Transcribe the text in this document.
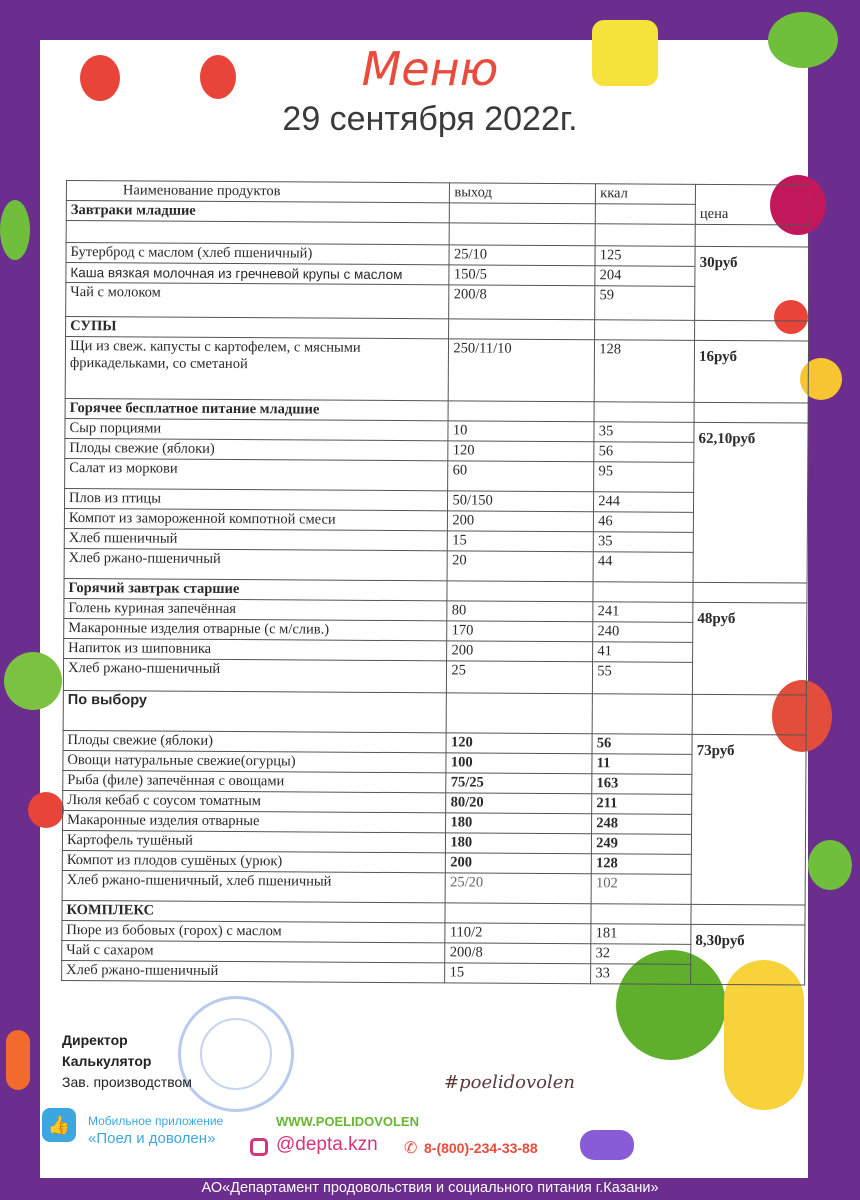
Меню
29 сентября 2022г.
Наименование продуктов	выход	ккал	цена
Завтраки младшие			

Бутерброд с маслом (хлеб пшеничный)	25/10	125	30руб
Каша вязкая молочная из гречневой крупы с маслом	150/5	204	
Чай с молоком	200/8	59	
СУПЫ			
Щи из свеж. капусты с картофелем, с мясными фрикадельками, со сметаной	250/11/10	128	16руб
Горячее бесплатное питание младшие			
Сыр порциями	10	35	62,10руб
Плоды свежие (яблоки)	120	56	
Салат из моркови	60	95	
Плов из птицы	50/150	244	
Компот из замороженной компотной смеси	200	46	
Хлеб пшеничный	15	35	
Хлеб ржано-пшеничный	20	44	
Горячий завтрак старшие			
Голень куриная запечённая	80	241	48руб
Макаронные изделия отварные (с м/слив.)	170	240	
Напиток из шиповника	200	41	
Хлеб ржано-пшеничный	25	55	
По выбору			
Плоды свежие (яблоки)	120	56	73руб
Овощи натуральные свежие(огурцы)	100	11	
Рыба (филе) запечённая с овощами	75/25	163	
Люля кебаб с соусом томатным	80/20	211	
Макаронные изделия отварные	180	248	
Картофель тушёный	180	249	
Компот из плодов сушёных (урюк)	200	128	
Хлеб ржано-пшеничный, хлеб пшеничный	25/20	102	
КОМПЛЕКС			
Пюре из бобовых (горох) с маслом	110/2	181	8,30руб
Чай с сахаром	200/8	32	
Хлеб ржано-пшеничный	15	33	
Директор
Калькулятор
Зав. производством	#poelidovolen
👍	Мобильное приложение
«Поел и доволен»
WWW.POELIDOVOLEN
@depta.kzn ✆ 8-(800)-234-33-88
АО«Департамент продовольствия и социального питания г.Казани»
